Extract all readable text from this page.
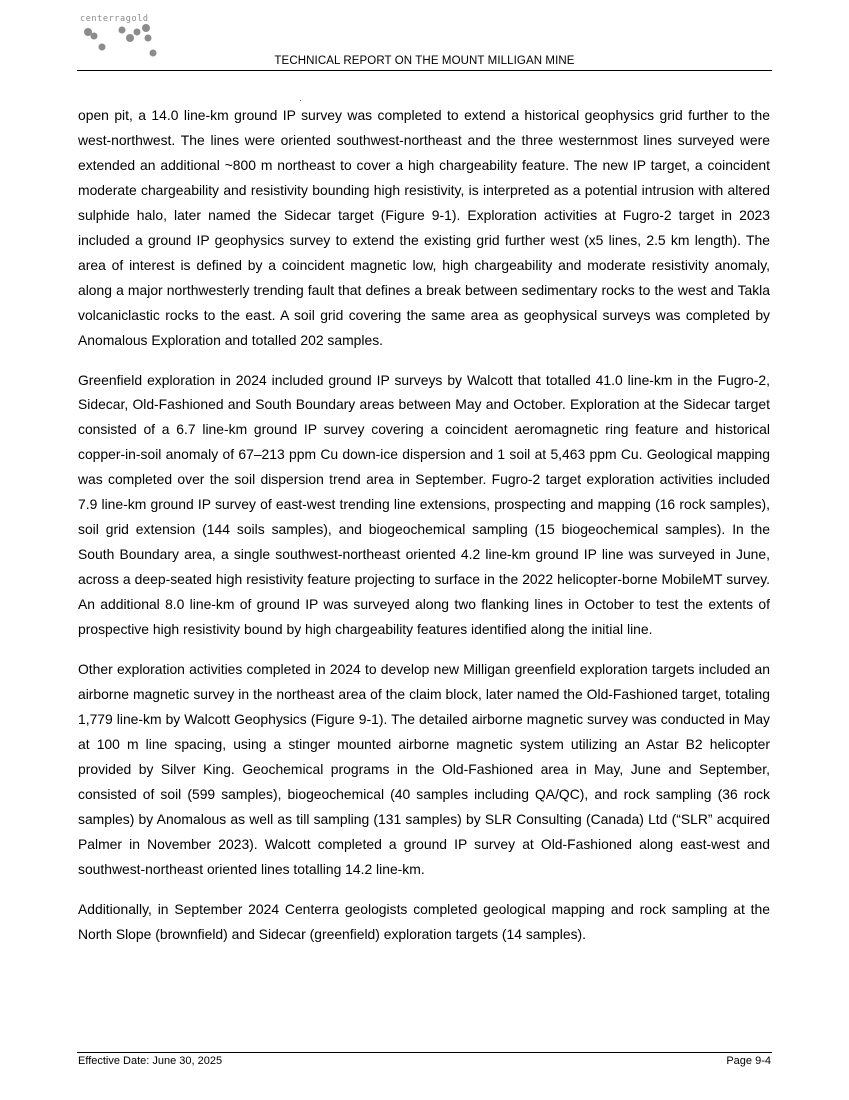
centerragold
TECHNICAL REPORT ON THE MOUNT MILLIGAN MINE

open pit, a 14.0 line-km ground IP survey was completed to extend a historical geophysics grid further to the west-northwest. The lines were oriented southwest-northeast and the three westernmost lines surveyed were extended an additional ~800 m northeast to cover a high chargeability feature. The new IP target, a coincident moderate chargeability and resistivity bounding high resistivity, is interpreted as a potential intrusion with altered sulphide halo, later named the Sidecar target (Figure 9-1). Exploration activities at Fugro-2 target in 2023 included a ground IP geophysics survey to extend the existing grid further west (x5 lines, 2.5 km length). The area of interest is defined by a coincident magnetic low, high chargeability and moderate resistivity anomaly, along a major northwesterly trending fault that defines a break between sedimentary rocks to the west and Takla volcaniclastic rocks to the east. A soil grid covering the same area as geophysical surveys was completed by Anomalous Exploration and totalled 202 samples.

Greenfield exploration in 2024 included ground IP surveys by Walcott that totalled 41.0 line-km in the Fugro-2, Sidecar, Old-Fashioned and South Boundary areas between May and October. Exploration at the Sidecar target consisted of a 6.7 line-km ground IP survey covering a coincident aeromagnetic ring feature and historical copper-in-soil anomaly of 67–213 ppm Cu down-ice dispersion and 1 soil at 5,463 ppm Cu. Geological mapping was completed over the soil dispersion trend area in September. Fugro-2 target exploration activities included 7.9 line-km ground IP survey of east-west trending line extensions, prospecting and mapping (16 rock samples), soil grid extension (144 soils samples), and biogeochemical sampling (15 biogeochemical samples). In the South Boundary area, a single southwest-northeast oriented 4.2 line-km ground IP line was surveyed in June, across a deep-seated high resistivity feature projecting to surface in the 2022 helicopter-borne MobileMT survey. An additional 8.0 line-km of ground IP was surveyed along two flanking lines in October to test the extents of prospective high resistivity bound by high chargeability features identified along the initial line.

Other exploration activities completed in 2024 to develop new Milligan greenfield exploration targets included an airborne magnetic survey in the northeast area of the claim block, later named the Old-Fashioned target, totaling 1,779 line-km by Walcott Geophysics (Figure 9-1). The detailed airborne magnetic survey was conducted in May at 100 m line spacing, using a stinger mounted airborne magnetic system utilizing an Astar B2 helicopter provided by Silver King. Geochemical programs in the Old-Fashioned area in May, June and September, consisted of soil (599 samples), biogeochemical (40 samples including QA/QC), and rock sampling (36 rock samples) by Anomalous as well as till sampling (131 samples) by SLR Consulting (Canada) Ltd (“SLR” acquired Palmer in November 2023). Walcott completed a ground IP survey at Old-Fashioned along east-west and southwest-northeast oriented lines totalling 14.2 line-km.

Additionally, in September 2024 Centerra geologists completed geological mapping and rock sampling at the North Slope (brownfield) and Sidecar (greenfield) exploration targets (14 samples).

Effective Date: June 30, 2025	Page 9-4
